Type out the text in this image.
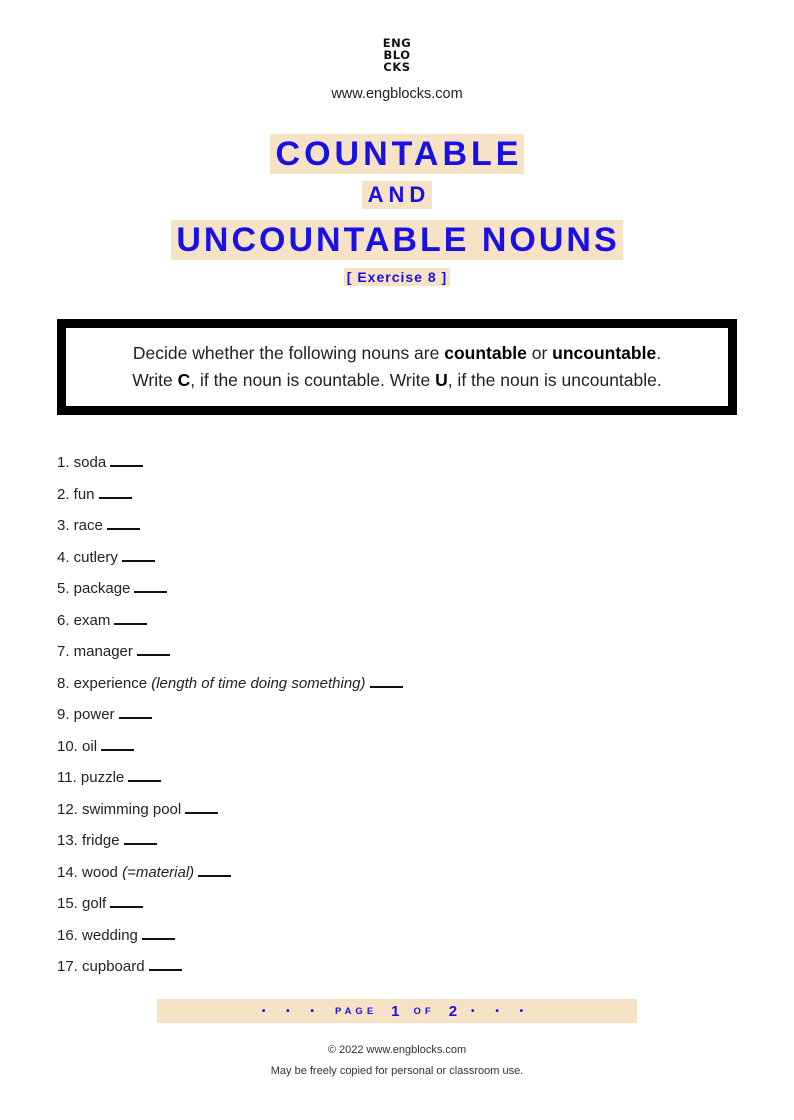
ENG
BLO
CKS
www.engblocks.com
COUNTABLE
AND
UNCOUNTABLE NOUNS
[ Exercise 8 ]
Decide whether the following nouns are countable or uncountable.
Write C, if the noun is countable. Write U, if the noun is uncountable.
1. soda
2. fun
3. race
4. cutlery
5. package
6. exam
7. manager
8. experience (length of time doing something)
9. power
10. oil
11. puzzle
12. swimming pool
13. fridge
14. wood (=material)
15. golf
16. wedding
17. cupboard
• • • PAGE 1 OF 2 • • •
© 2022 www.engblocks.com
May be freely copied for personal or classroom use.
